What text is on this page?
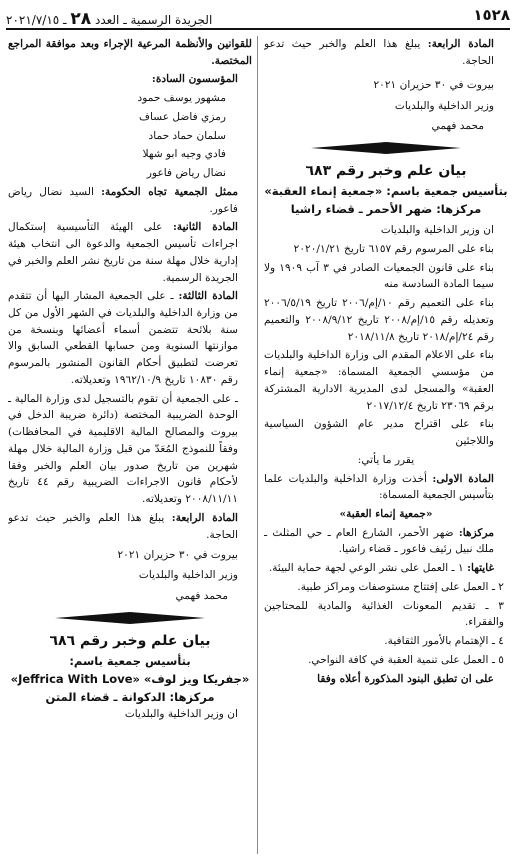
١٥٢٨
الجريدة الرسمية ـ العدد ٢٨ ـ ٢٠٢١/٧/١٥

المادة الرابعة: يبلغ هذا العلم والخبر حيث تدعو الحاجة.

بيروت في ٣٠ حزيران ٢٠٢١
وزير الداخلية والبلديات
محمد فهمي
بيان علم وخبر رقم ٦٨٣
بتأسيس جمعية باسم: «جمعية إنماء العقبة»
مركزها: ضهر الأحمر ـ قضاء راشيا

ان وزير الداخلية والبلديات

بناء على المرسوم رقم ٦١٥٧ تاريخ ٢٠٢٠/١/٢١

بناء على قانون الجمعيات الصادر في ٣ آب ١٩٠٩ ولا سيما المادة السادسة منه

بناء على التعميم رقم ١٠/إم/٢٠٠٦ تاريخ ٢٠٠٦/٥/١٩ وتعديله رقم ١٥/إم/٢٠٠٨ تاريخ ٢٠٠٨/٩/١٢ والتعميم رقم ٢٤/إم/٢٠١٨ تاريخ ٢٠١٨/١١/٨

بناء على الاعلام المقدم الى وزارة الداخلية والبلديات من مؤسسي الجمعية المسماة: «جمعية إنماء العقبة» والمسجل لدى المديرية الادارية المشتركة برقم ٢٣٠٦٩ تاريخ ٢٠١٧/١٢/٤

بناء على اقتراح مدير عام الشؤون السياسية واللاجئين

يقرر ما يأتي:

المادة الاولى: أخذت وزارة الداخلية والبلديات علما بتأسيس الجمعية المسماة:

«جمعية إنماء العقبة»

مركزها: ضهر الأحمر، الشارع العام ـ حي المثلث ـ ملك نبيل رئيف فاعور ـ قضاء راشيا.

غايتها: ١ ـ العمل على نشر الوعي لجهة حماية البيئة.

٢ ـ العمل على إفتتاح مستوصفات ومراكز طبية.

٣ ـ تقديم المعونات الغذائية والمادية للمحتاجين والفقراء.

٤ ـ الإهتمام بالأمور الثقافية.

٥ ـ العمل على تنمية العقبة في كافة النواحي.

على ان تطبق البنود المذكورة أعلاه وفقا

للقوانين والأنظمة المرعية الإجراء وبعد موافقة المراجع المختصة.

المؤسسون السادة:

مشهور يوسف حمود

رمزي فاضل عساف

سلمان حماد حماد

فادي وجيه ابو شهلا

نضال رياض فاعور

ممثل الجمعية تجاه الحكومة: السيد نضال رياض فاعور.

المادة الثانية: على الهيئة التأسيسية إستكمال اجراءات تأسيس الجمعية والدعوة الى انتخاب هيئة إدارية خلال مهلة سنة من تاريخ نشر العلم والخبر في الجريدة الرسمية.

المادة الثالثة: ـ على الجمعية المشار اليها أن تتقدم من وزارة الداخلية والبلديات في الشهر الأول من كل سنة بلائحة تتضمن أسماء أعضائها وبنسخة من موازنتها السنوية ومن حسابها القطعي السابق والا تعرضت لتطبيق أحكام القانون المنشور بالمرسوم رقم ١٠٨٣٠ تاريخ ١٩٦٢/١٠/٩ وتعديلاته.

ـ على الجمعية أن تقوم بالتسجيل لدى وزارة المالية ـ الوحدة الضريبية المختصة (دائرة ضريبة الدخل في بيروت والمصالح المالية الاقليمية في المحافظات) وفقاً للنموذج المُعَدّ من قبل وزارة المالية خلال مهلة شهرين من تاريخ صدور بيان العلم والخبر وفقا لأحكام قانون الاجراءات الضريبية رقم ٤٤ تاريخ ٢٠٠٨/١١/١١ وتعديلاته.

المادة الرابعة: يبلغ هذا العلم والخبر حيث تدعو الحاجة.

بيروت في ٣٠ حزيران ٢٠٢١
وزير الداخلية والبلديات
محمد فهمي
بيان علم وخبر رقم ٦٨٦
بتأسيس جمعية باسم:
«جفريكا ويز لوف» «Jeffrica With Love»
مركزها: الدكوانة ـ قضاء المتن

ان وزير الداخلية والبلديات
